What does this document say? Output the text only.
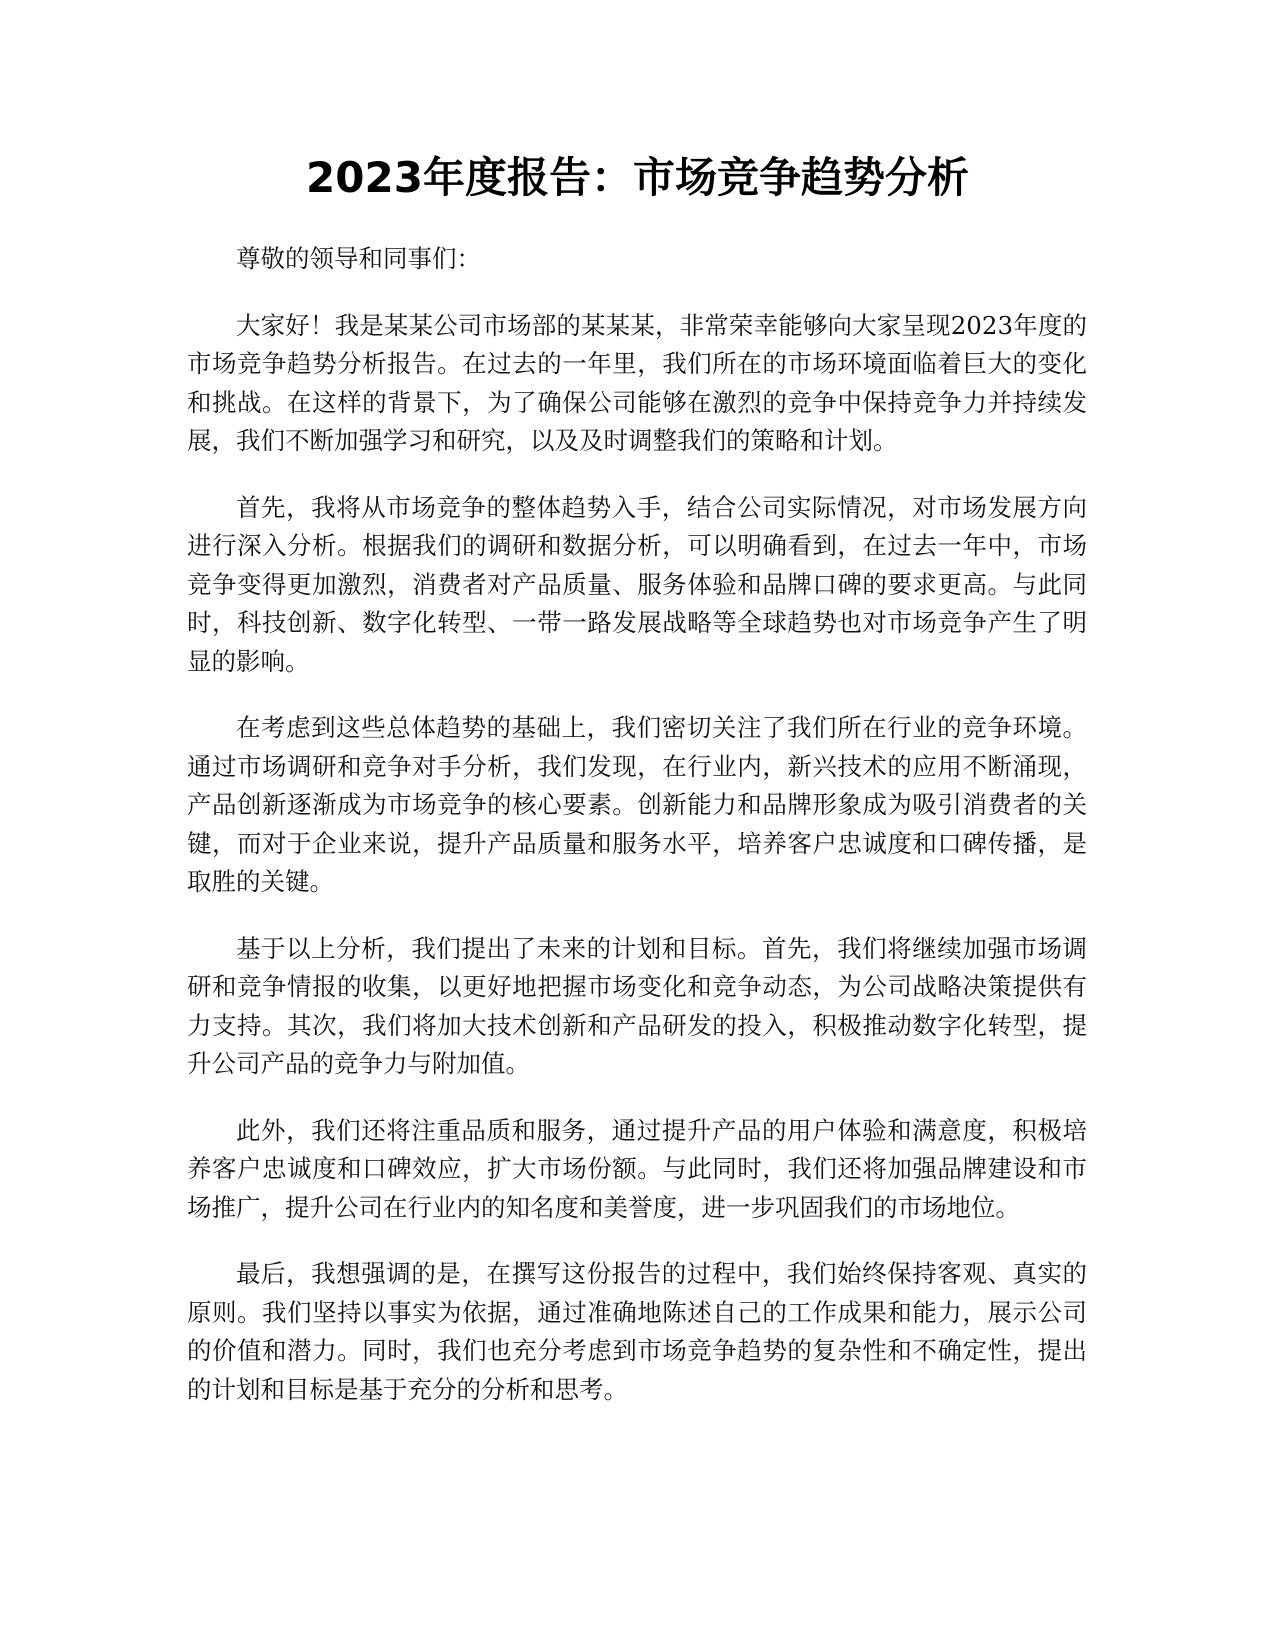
2023年度报告：市场竞争趋势分析

尊敬的领导和同事们：

大家好！我是某某公司市场部的某某某，非常荣幸能够向大家呈现2023年度的市场竞争趋势分析报告。在过去的一年里，我们所在的市场环境面临着巨大的变化和挑战。在这样的背景下，为了确保公司能够在激烈的竞争中保持竞争力并持续发展，我们不断加强学习和研究，以及及时调整我们的策略和计划。

首先，我将从市场竞争的整体趋势入手，结合公司实际情况，对市场发展方向进行深入分析。根据我们的调研和数据分析，可以明确看到，在过去一年中，市场竞争变得更加激烈，消费者对产品质量、服务体验和品牌口碑的要求更高。与此同时，科技创新、数字化转型、一带一路发展战略等全球趋势也对市场竞争产生了明显的影响。

在考虑到这些总体趋势的基础上，我们密切关注了我们所在行业的竞争环境。通过市场调研和竞争对手分析，我们发现，在行业内，新兴技术的应用不断涌现，产品创新逐渐成为市场竞争的核心要素。创新能力和品牌形象成为吸引消费者的关键，而对于企业来说，提升产品质量和服务水平，培养客户忠诚度和口碑传播，是取胜的关键。

基于以上分析，我们提出了未来的计划和目标。首先，我们将继续加强市场调研和竞争情报的收集，以更好地把握市场变化和竞争动态，为公司战略决策提供有力支持。其次，我们将加大技术创新和产品研发的投入，积极推动数字化转型，提升公司产品的竞争力与附加值。

此外，我们还将注重品质和服务，通过提升产品的用户体验和满意度，积极培养客户忠诚度和口碑效应，扩大市场份额。与此同时，我们还将加强品牌建设和市场推广，提升公司在行业内的知名度和美誉度，进一步巩固我们的市场地位。

最后，我想强调的是，在撰写这份报告的过程中，我们始终保持客观、真实的原则。我们坚持以事实为依据，通过准确地陈述自己的工作成果和能力，展示公司的价值和潜力。同时，我们也充分考虑到市场竞争趋势的复杂性和不确定性，提出的计划和目标是基于充分的分析和思考。
